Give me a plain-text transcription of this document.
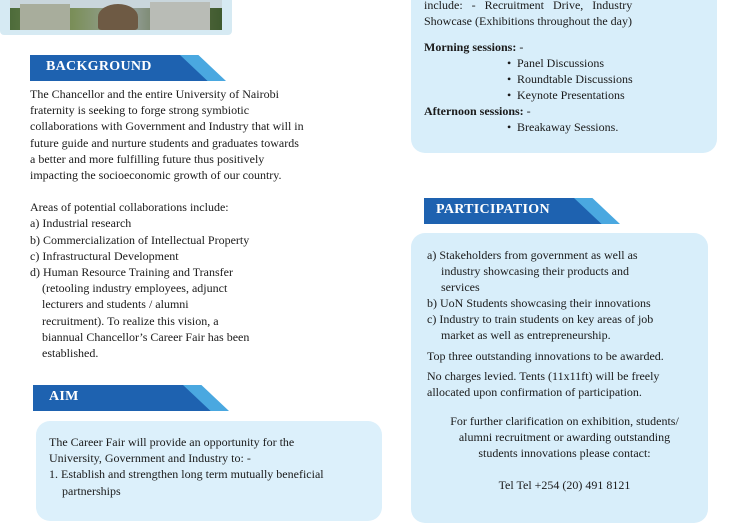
BACKGROUND
The Chancellor and the entire University of Nairobi
fraternity is seeking to forge strong symbiotic
collaborations with Government and Industry that will in
future guide and nurture students and graduates towards
a better and more fulfilling future thus positively
impacting the socioeconomic growth of our country.
Areas of potential collaborations include:
a) Industrial research
b) Commercialization of Intellectual Property
c) Infrastructural Development
d) Human Resource Training and Transfer
(retooling industry employees, adjunct
lecturers and students / alumni
recruitment). To realize this vision, a
biannual Chancellor’s Career Fair has been
established.
AIM
The Career Fair will provide an opportunity for the
University, Government and Industry to: -
1. Establish and strengthen long term mutually beneficial
partnerships
include:   -   Recruitment   Drive,   Industry
Showcase (Exhibitions throughout the day)
Morning sessions: -
• Panel Discussions
• Roundtable Discussions
• Keynote Presentations
Afternoon sessions: -
• Breakaway Sessions.
PARTICIPATION
a) Stakeholders from government as well as
industry showcasing their products and
services
b) UoN Students showcasing their innovations
c) Industry to train students on key areas of job
market as well as entrepreneurship.
Top three outstanding innovations to be awarded.
No charges levied. Tents (11x11ft) will be freely
allocated upon confirmation of participation.
For further clarification on exhibition, students/
alumni recruitment or awarding outstanding
students innovations please contact:
Tel Tel +254 (20) 491 8121
